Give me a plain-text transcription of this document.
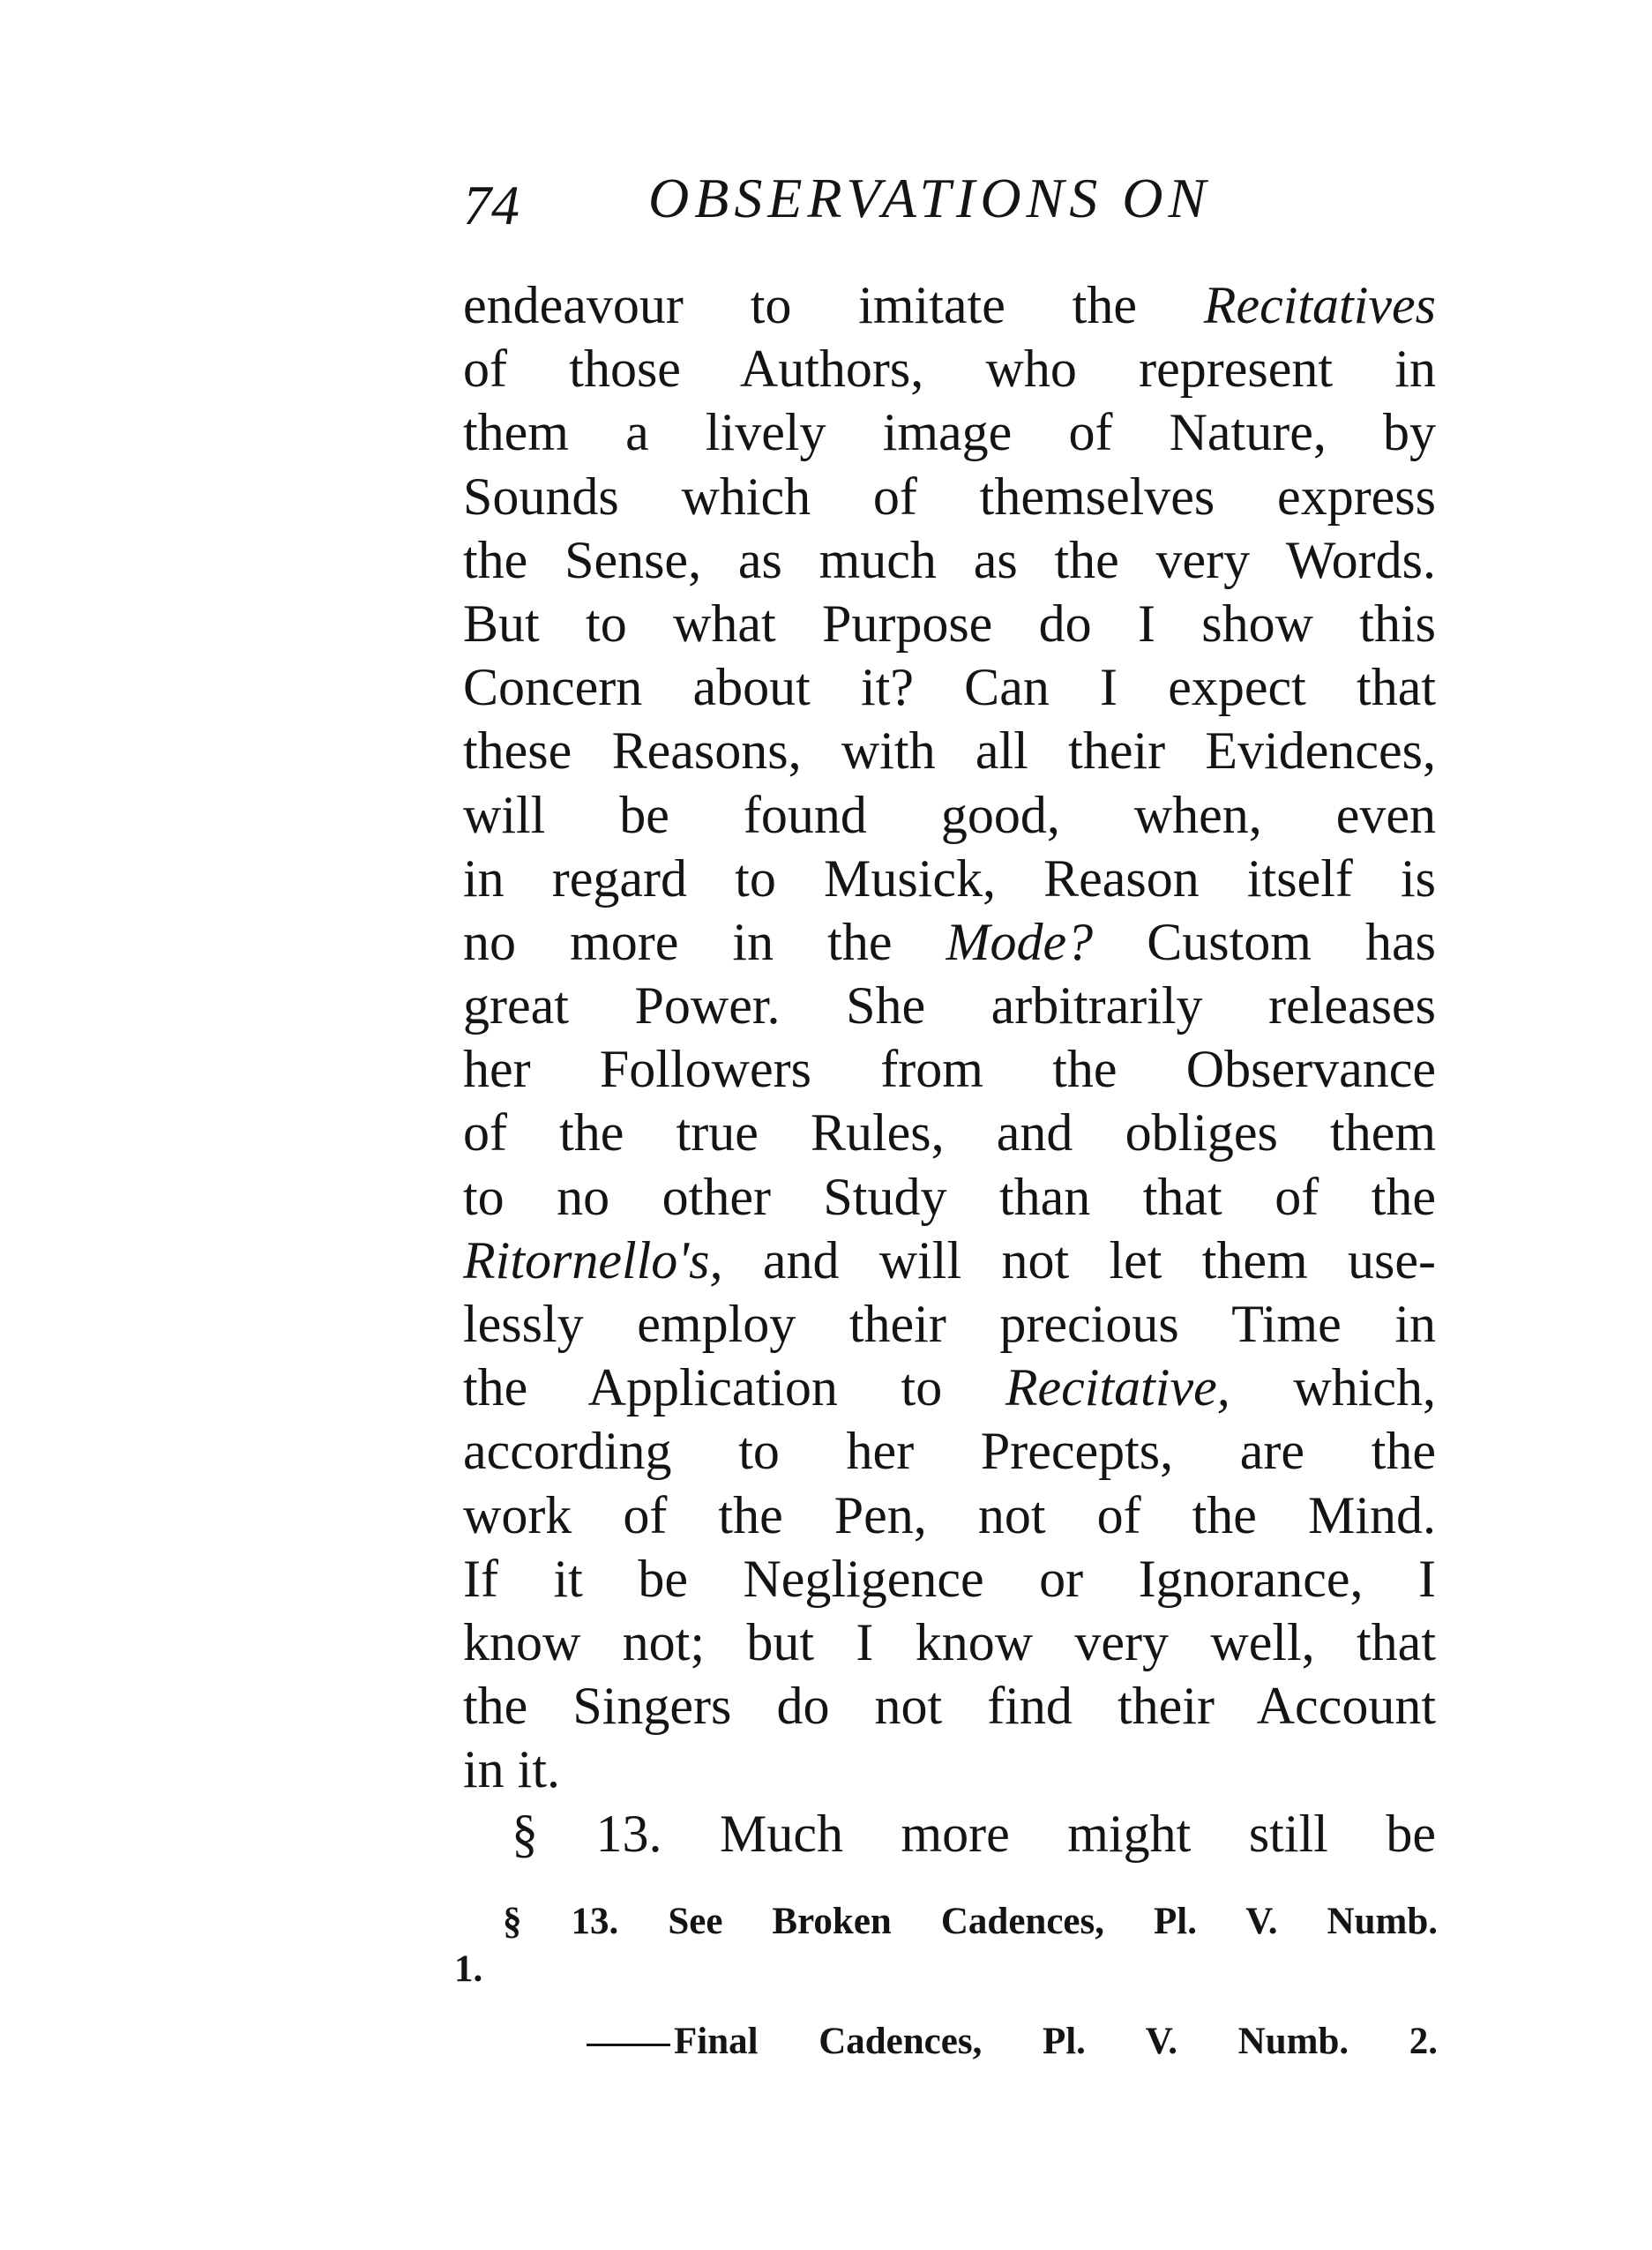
74 OBSERVATIONS ON
endeavour to imitate the Recitatives
of those Authors, who represent in
them a lively image of Nature, by
Sounds which of themselves express
the Sense, as much as the very Words.
But to what Purpose do I show this
Concern about it? Can I expect that
these Reasons, with all their Evidences,
will be found good, when, even
in regard to Musick, Reason itself is
no more in the Mode? Custom has
great Power. She arbitrarily releases
her Followers from the Observance
of the true Rules, and obliges them
to no other Study than that of the
Ritornello's, and will not let them use-
lessly employ their precious Time in
the Application to Recitative, which,
according to her Precepts, are the
work of the Pen, not of the Mind.
If it be Negligence or Ignorance, I
know not; but I know very well, that
the Singers do not find their Account
in it.
§ 13. Much more might still be
§ 13. See Broken Cadences, Pl. V. Numb.
1.
Final Cadences, Pl. V. Numb. 2.
